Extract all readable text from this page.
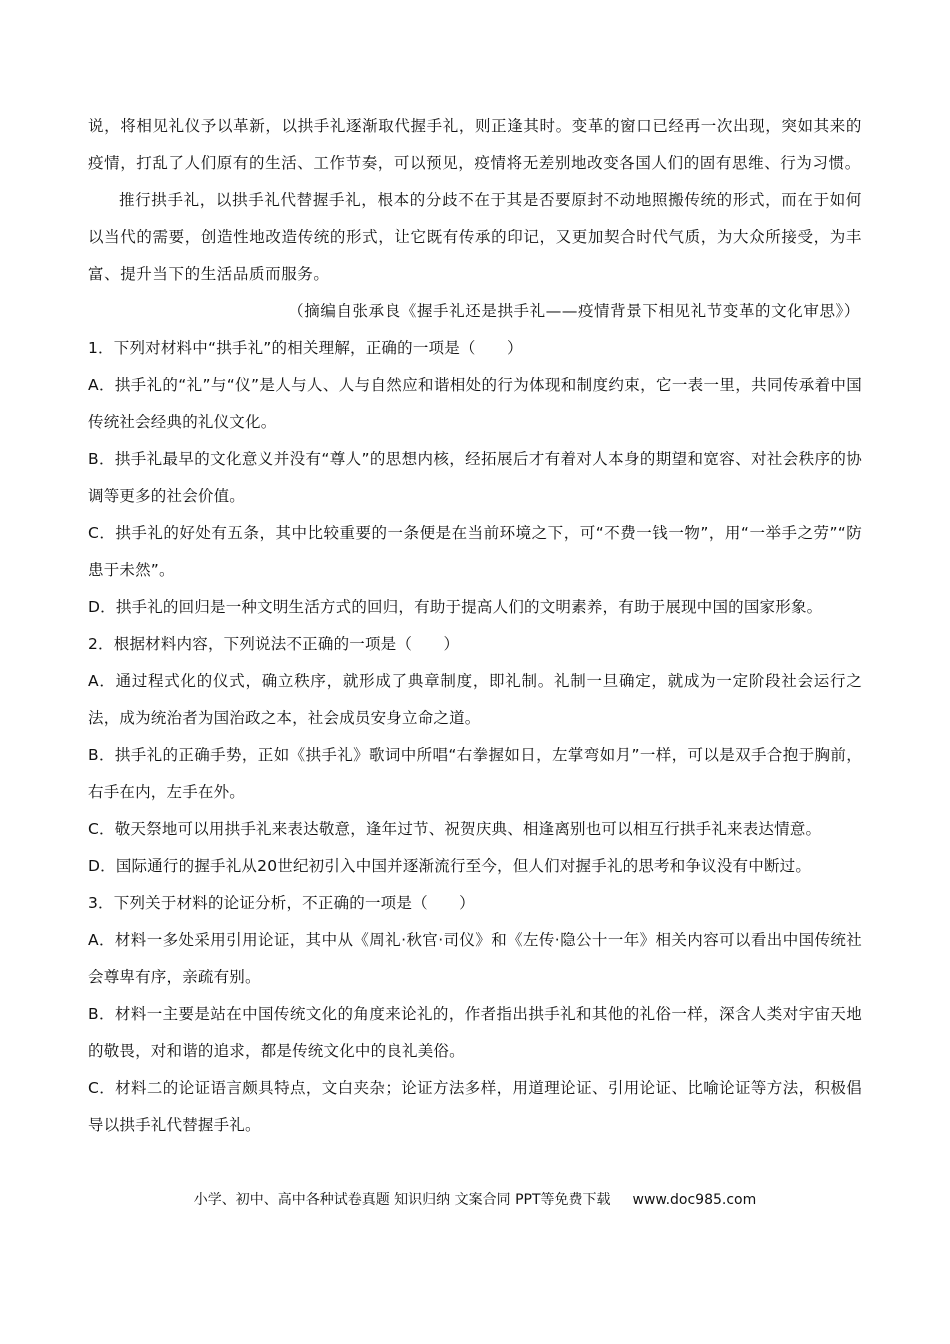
说，将相见礼仪予以革新，以拱手礼逐渐取代握手礼，则正逢其时。变革的窗口已经再一次出现，突如其来的疫情，打乱了人们原有的生活、工作节奏，可以预见，疫情将无差别地改变各国人们的固有思维、行为习惯。

推行拱手礼，以拱手礼代替握手礼，根本的分歧不在于其是否要原封不动地照搬传统的形式，而在于如何以当代的需要，创造性地改造传统的形式，让它既有传承的印记，又更加契合时代气质，为大众所接受，为丰富、提升当下的生活品质而服务。

（摘编自张承良《握手礼还是拱手礼——疫情背景下相见礼节变革的文化审思》）

1．下列对材料中“拱手礼”的相关理解，正确的一项是（　　）

A．拱手礼的“礼”与“仪”是人与人、人与自然应和谐相处的行为体现和制度约束，它一表一里，共同传承着中国传统社会经典的礼仪文化。

B．拱手礼最早的文化意义并没有“尊人”的思想内核，经拓展后才有着对人本身的期望和宽容、对社会秩序的协调等更多的社会价值。

C．拱手礼的好处有五条，其中比较重要的一条便是在当前环境之下，可“不费一钱一物”，用“一举手之劳”“防患于未然”。

D．拱手礼的回归是一种文明生活方式的回归，有助于提高人们的文明素养，有助于展现中国的国家形象。

2．根据材料内容，下列说法不正确的一项是（　　）

A．通过程式化的仪式，确立秩序，就形成了典章制度，即礼制。礼制一旦确定，就成为一定阶段社会运行之法，成为统治者为国治政之本，社会成员安身立命之道。

B．拱手礼的正确手势，正如《拱手礼》歌词中所唱“右拳握如日，左掌弯如月”一样，可以是双手合抱于胸前，右手在内，左手在外。

C．敬天祭地可以用拱手礼来表达敬意，逢年过节、祝贺庆典、相逢离别也可以相互行拱手礼来表达情意。

D．国际通行的握手礼从20世纪初引入中国并逐渐流行至今，但人们对握手礼的思考和争议没有中断过。

3．下列关于材料的论证分析，不正确的一项是（　　）

A．材料一多处采用引用论证，其中从《周礼·秋官·司仪》和《左传·隐公十一年》相关内容可以看出中国传统社会尊卑有序，亲疏有别。

B．材料一主要是站在中国传统文化的角度来论礼的，作者指出拱手礼和其他的礼俗一样，深含人类对宇宙天地的敬畏，对和谐的追求，都是传统文化中的良礼美俗。

C．材料二的论证语言颇具特点，文白夹杂；论证方法多样，用道理论证、引用论证、比喻论证等方法，积极倡导以拱手礼代替握手礼。

小学、初中、高中各种试卷真题 知识归纳 文案合同 PPT等免费下载 www.doc985.com
